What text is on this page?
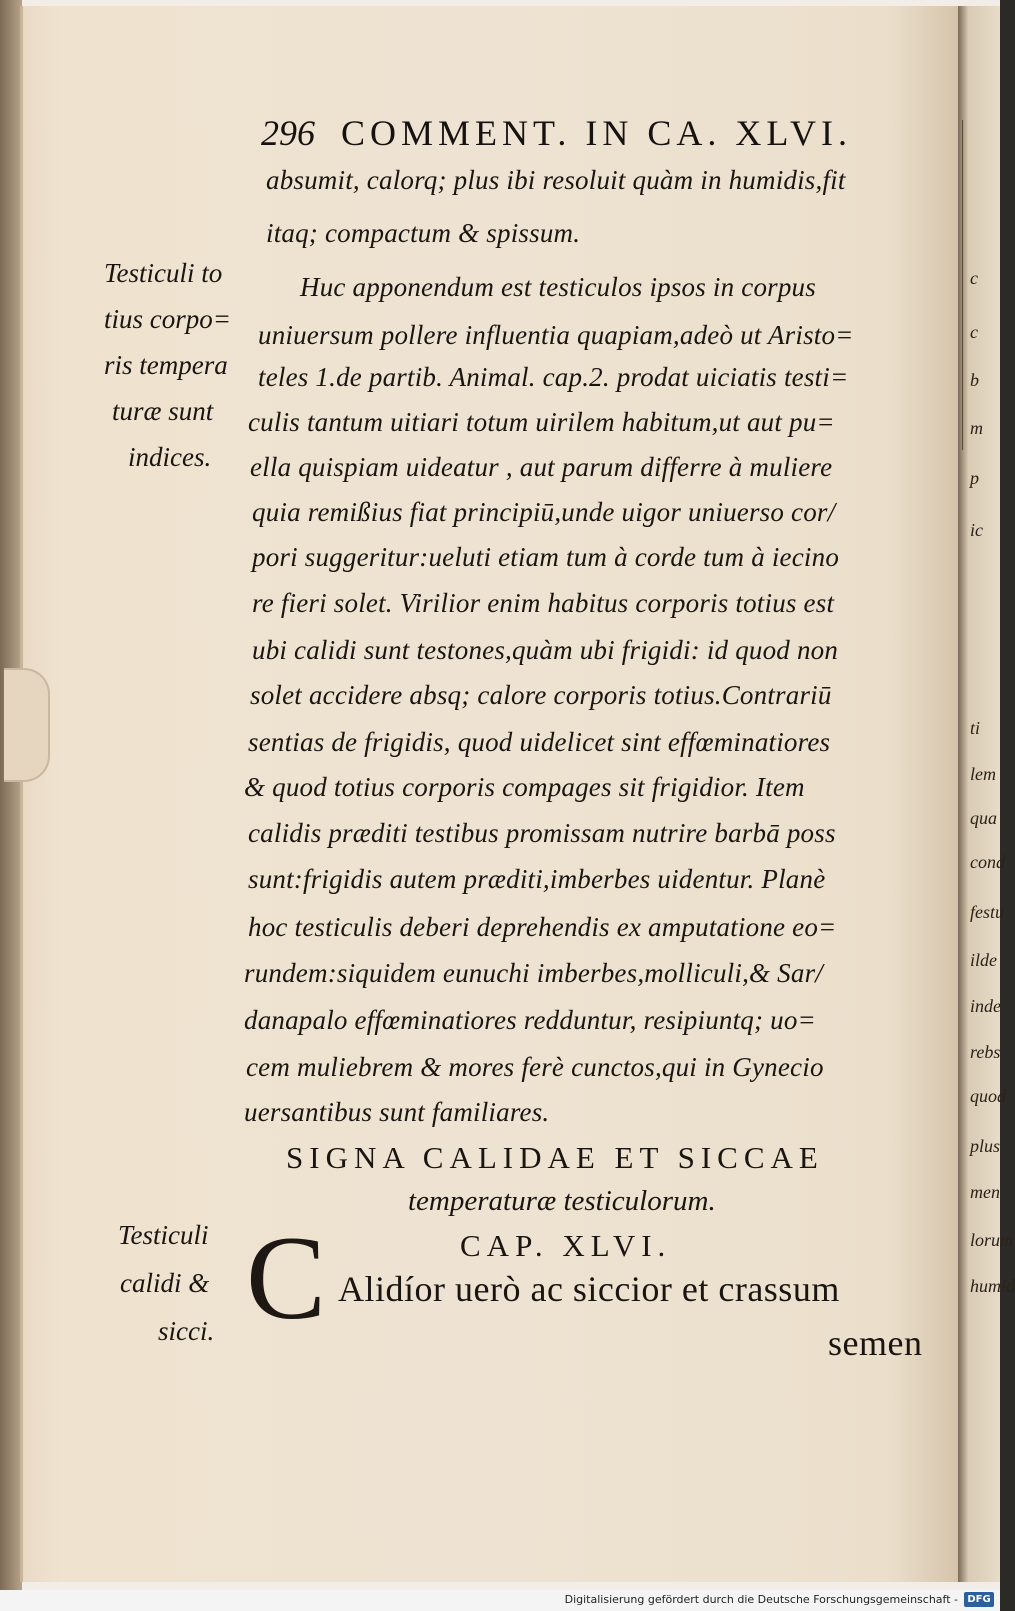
c
c
b
m
p
ic
ti
lem
qua
cond
festu
ilde
inde
rebs
quod
plus
men
lorum
humid
296 COMMENT. IN CA. XLVI.
absumit, calorq; plus ibi resoluit quàm in humidis,fit
itaq; compactum & spissum.
Huc apponendum est testiculos ipsos in corpus
uniuersum pollere influentia quapiam,adeò ut Aristo=
teles 1.de partib. Animal. cap.2. prodat uiciatis testi=
culis tantum uitiari totum uirilem habitum,ut aut pu=
ella quispiam uideatur , aut parum differre à muliere
quia remißius fiat principiū,unde uigor uniuerso cor/
pori suggeritur:ueluti etiam tum à corde tum à iecino
re fieri solet. Virilior enim habitus corporis totius est
ubi calidi sunt testones,quàm ubi frigidi: id quod non
solet accidere absq; calore corporis totius.Contrariū
sentias de frigidis, quod uidelicet sint effœminatiores
& quod totius corporis compages sit frigidior. Item
calidis præditi testibus promissam nutrire barbā poss
sunt:frigidis autem præditi,imberbes uidentur. Planè
hoc testiculis deberi deprehendis ex amputatione eo=
rundem:siquidem eunuchi imberbes,molliculi,& Sar/
danapalo effœminatiores redduntur, resipiuntq; uo=
cem muliebrem & mores ferè cunctos,qui in Gynecio
uersantibus sunt familiares.
Testiculi to
tius corpo=
ris tempera
turæ sunt
indices.
Testiculi
calidi &
sicci.
SIGNA CALIDAE ET SICCAE
temperaturæ testiculorum.
CAP. XLVI.
C Alidíor uerò ac siccior et crassum
semen
Digitalisierung gefördert durch die Deutsche Forschungsgemeinschaft - DFG
